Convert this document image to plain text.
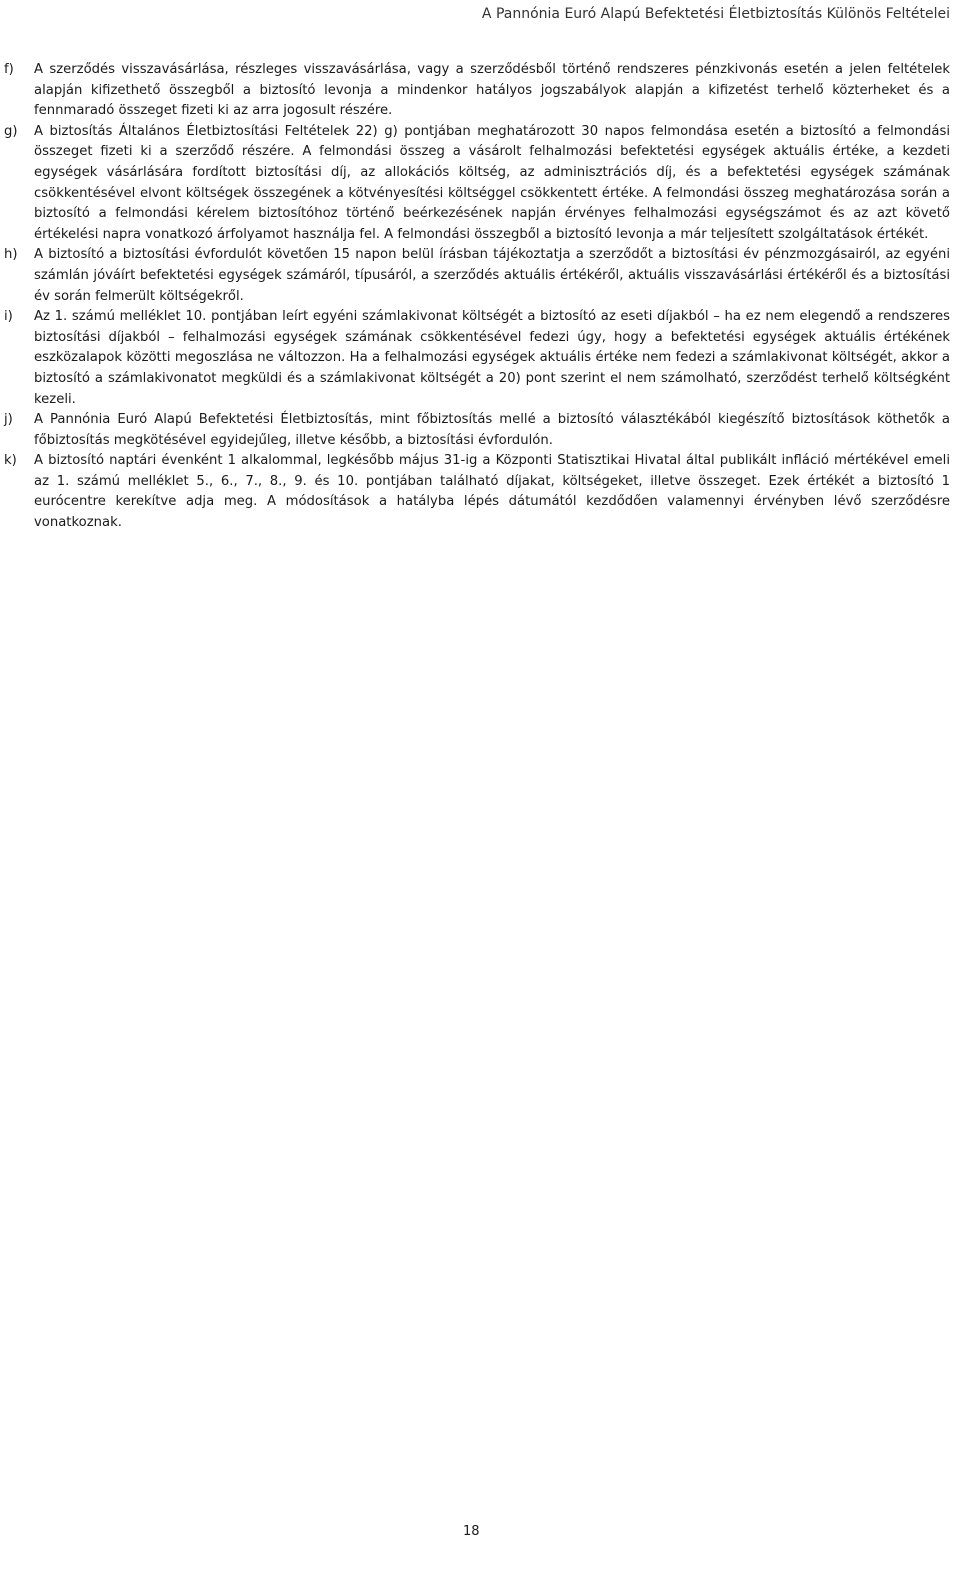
A Pannónia Euró Alapú Befektetési Életbiztosítás Különös Feltételei
f) A szerződés visszavásárlása, részleges visszavásárlása, vagy a szerződésből történő rendszeres pénzkivonás esetén a jelen feltételek alapján kifizethető összegből a biztosító levonja a mindenkor hatályos jogszabályok alapján a kifizetést terhelő közterheket és a fennmaradó összeget fizeti ki az arra jogosult részére.
g) A biztosítás Általános Életbiztosítási Feltételek 22) g) pontjában meghatározott 30 napos felmondása esetén a biztosító a felmondási összeget fizeti ki a szerződő részére. A felmondási összeg a vásárolt felhalmozási befektetési egységek aktuális értéke, a kezdeti egységek vásárlására fordított biztosítási díj, az allokációs költség, az adminisztrációs díj, és a befektetési egységek számának csökkentésével elvont költségek összegének a kötvényesítési költséggel csökkentett értéke. A felmondási összeg meghatározása során a biztosító a felmondási kérelem biztosítóhoz történő beérkezésének napján érvényes felhalmozási egységszámot és az azt követő értékelési napra vonatkozó árfolyamot használja fel. A felmondási összegből a biztosító levonja a már teljesített szolgáltatások értékét.
h) A biztosító a biztosítási évfordulót követően 15 napon belül írásban tájékoztatja a szerződőt a biztosítási év pénzmozgásairól, az egyéni számlán jóváírt befektetési egységek számáról, típusáról, a szerződés aktuális értékéről, aktuális visszavásárlási értékéről és a biztosítási év során felmerült költségekről.
i) Az 1. számú melléklet 10. pontjában leírt egyéni számlakivonat költségét a biztosító az eseti díjakból – ha ez nem elegendő a rendszeres biztosítási díjakból – felhalmozási egységek számának csökkentésével fedezi úgy, hogy a befektetési egységek aktuális értékének eszközalapok közötti megoszlása ne változzon. Ha a felhalmozási egységek aktuális értéke nem fedezi a számlakivonat költségét, akkor a biztosító a számlakivonatot megküldi és a számlakivonat költségét a 20) pont szerint el nem számolható, szerződést terhelő költségként kezeli.
j) A Pannónia Euró Alapú Befektetési Életbiztosítás, mint főbiztosítás mellé a biztosító választékából kiegészítő biztosítások köthetők a főbiztosítás megkötésével egyidejűleg, illetve később, a biztosítási évfordulón.
k) A biztosító naptári évenként 1 alkalommal, legkésőbb május 31-ig a Központi Statisztikai Hivatal által publikált infláció mértékével emeli az 1. számú melléklet 5., 6., 7., 8., 9. és 10. pontjában található díjakat, költségeket, illetve összeget. Ezek értékét a biztosító 1 eurócentre kerekítve adja meg. A módosítások a hatályba lépés dátumától kezdődően valamennyi érvényben lévő szerződésre vonatkoznak.
18
